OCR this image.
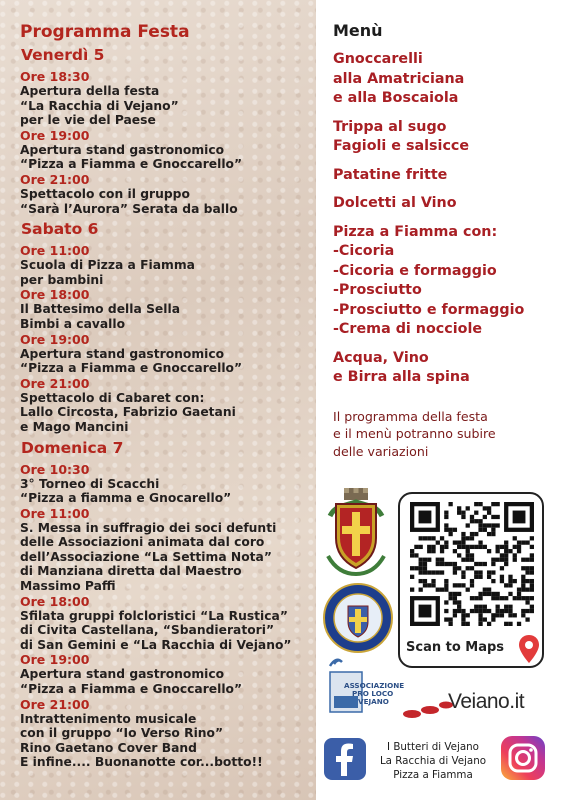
Programma Festa
Venerdì 5
Ore 18:30
Apertura della festa
“La Racchia di Vejano”
per le vie del Paese
Ore 19:00
Apertura stand gastronomico
“Pizza a Fiamma e Gnoccarello”
Ore 21:00
Spettacolo con il gruppo
“Sarà l’Aurora” Serata da ballo
Sabato 6
Ore 11:00
Scuola di Pizza a Fiamma
per bambini
Ore 18:00
Il Battesimo della Sella
Bimbi a cavallo
Ore 19:00
Apertura stand gastronomico
“Pizza a Fiamma e Gnoccarello”
Ore 21:00
Spettacolo di Cabaret con:
Lallo Circosta, Fabrizio Gaetani
e Mago Mancini
Domenica 7
Ore 10:30
3° Torneo di Scacchi
“Pizza a fiamma e Gnocarello”
Ore 11:00
S. Messa in suffragio dei soci defunti
delle Associazioni animata dal coro
dell’Associazione “La Settima Nota”
di Manziana diretta dal Maestro
Massimo Paffi
Ore 18:00
Sfilata gruppi folcloristici “La Rustica”
di Civita Castellana, “Sbandieratori”
di San Gemini e “La Racchia di Vejano”
Ore 19:00
Apertura stand gastronomico
“Pizza a Fiamma e Gnoccarello”
Ore 21:00
Intrattenimento musicale
con il gruppo “Io Verso Rino”
Rino Gaetano Cover Band
E infine.... Buonanotte cor...botto!!
Menù
Gnoccarelli
alla Amatriciana
e alla Boscaiola
Trippa al sugo
Fagioli e salsicce
Patatine fritte
Dolcetti al Vino
Pizza a Fiamma con:
-Cicoria
-Cicoria e formaggio
-Prosciutto
-Prosciutto e formaggio
-Crema di nocciole
Acqua, Vino
e Birra alla spina
Il programma della festa
e il menù potranno subire
delle variazioni
Scan to Maps
ASSOCIAZIONE
PRO LOCO
VEJANO	Veiano.it
I Butteri di Vejano
La Racchia di Vejano
Pizza a Fiamma
